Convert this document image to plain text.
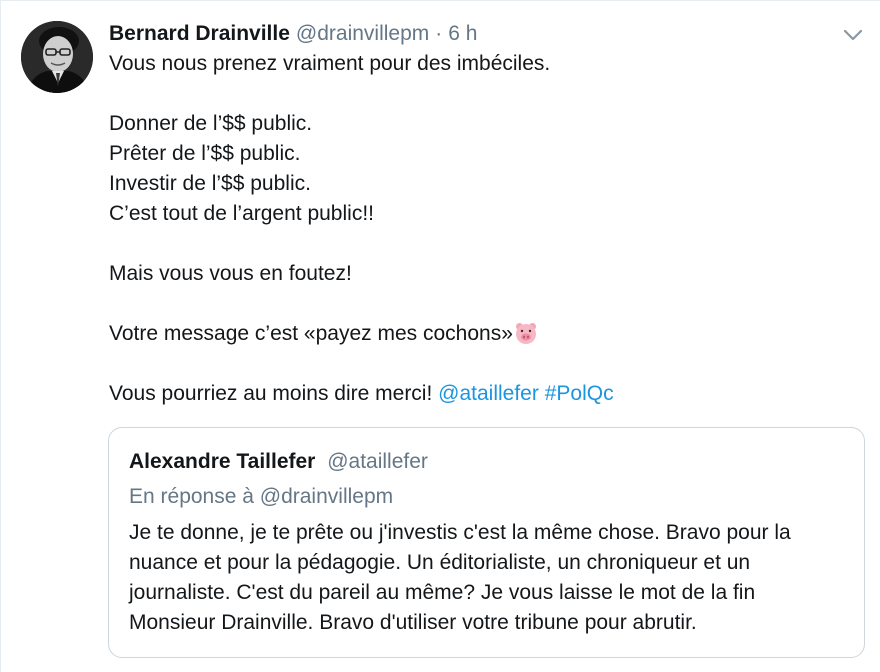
Bernard Drainville @drainvillepm · 6 h
Vous nous prenez vraiment pour des imbéciles.
Donner de l’$$ public.
Prêter de l’$$ public.
Investir de l’$$ public.
C’est tout de l’argent public!!
Mais vous vous en foutez!
Votre message c’est «payez mes cochons»
Vous pourriez au moins dire merci! @ataillefer #PolQc
Alexandre Taillefer @ataillefer
En réponse à @drainvillepm
Je te donne, je te prête ou j'investis c'est la même chose. Bravo pour la
nuance et pour la pédagogie. Un éditorialiste, un chroniqueur et un
journaliste. C'est du pareil au même? Je vous laisse le mot de la fin
Monsieur Drainville. Bravo d'utiliser votre tribune pour abrutir.
